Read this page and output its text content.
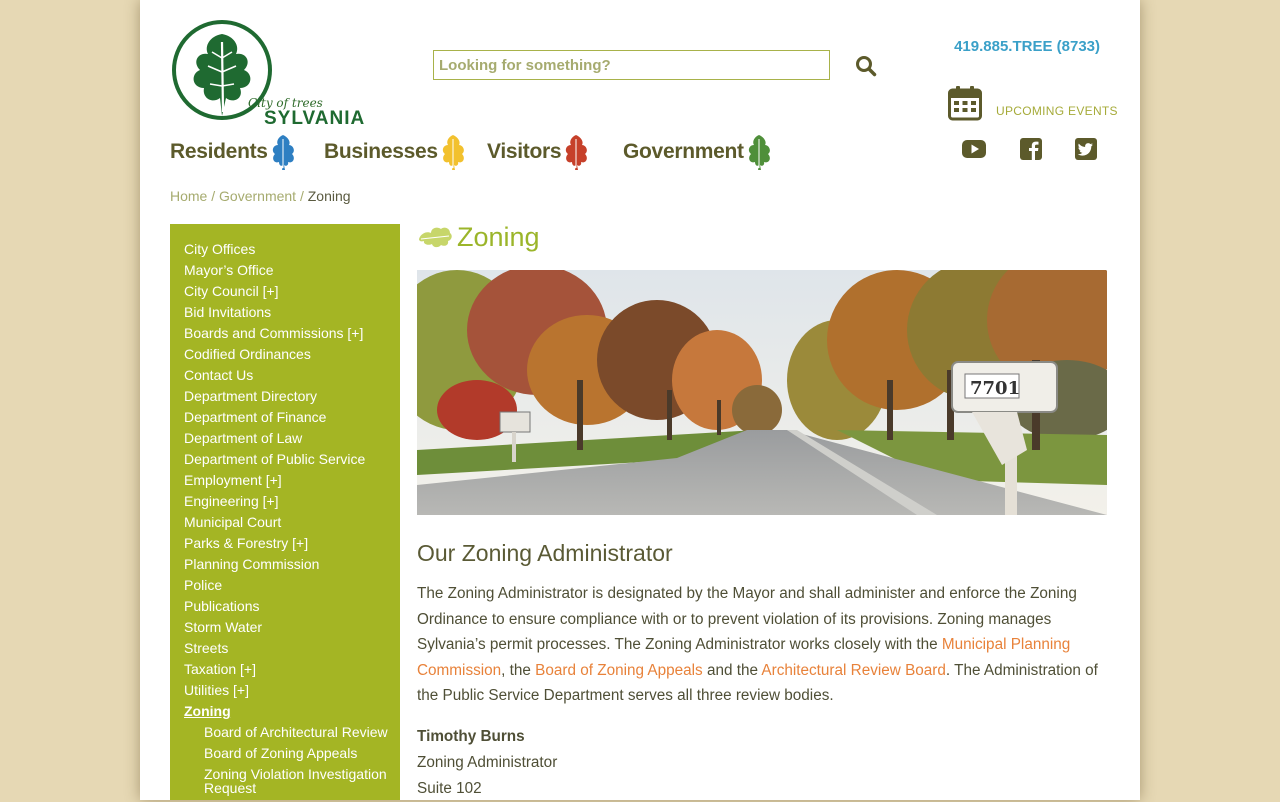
City of trees
SYLVANIA
Looking for something?
419.885.TREE (8733)
UPCOMING EVENTS
Residents	Businesses Visitors	Government
Home / Government / Zoning
City Offices
Mayor’s Office
City Council [+]
Bid Invitations
Boards and Commissions [+]
Codified Ordinances
Contact Us
Department Directory
Department of Finance
Department of Law
Department of Public Service
Employment [+]
Engineering [+]
Municipal Court
Parks & Forestry [+]
Planning Commission
Police
Publications
Storm Water
Streets
Taxation [+]
Utilities [+]
Zoning
Board of Architectural Review
Board of Zoning Appeals
Zoning Violation Investigation Request
Zoning
7701
Our Zoning Administrator

The Zoning Administrator is designated by the Mayor and shall administer and enforce the Zoning Ordinance to ensure compliance with or to prevent violation of its provisions. Zoning manages Sylvania’s permit processes. The Zoning Administrator works closely with the Municipal Planning Commission, the Board of Zoning Appeals and the Architectural Review Board. The Administration of the Public Service Department serves all three review bodies.

Timothy Burns
Zoning Administrator
Suite 102
